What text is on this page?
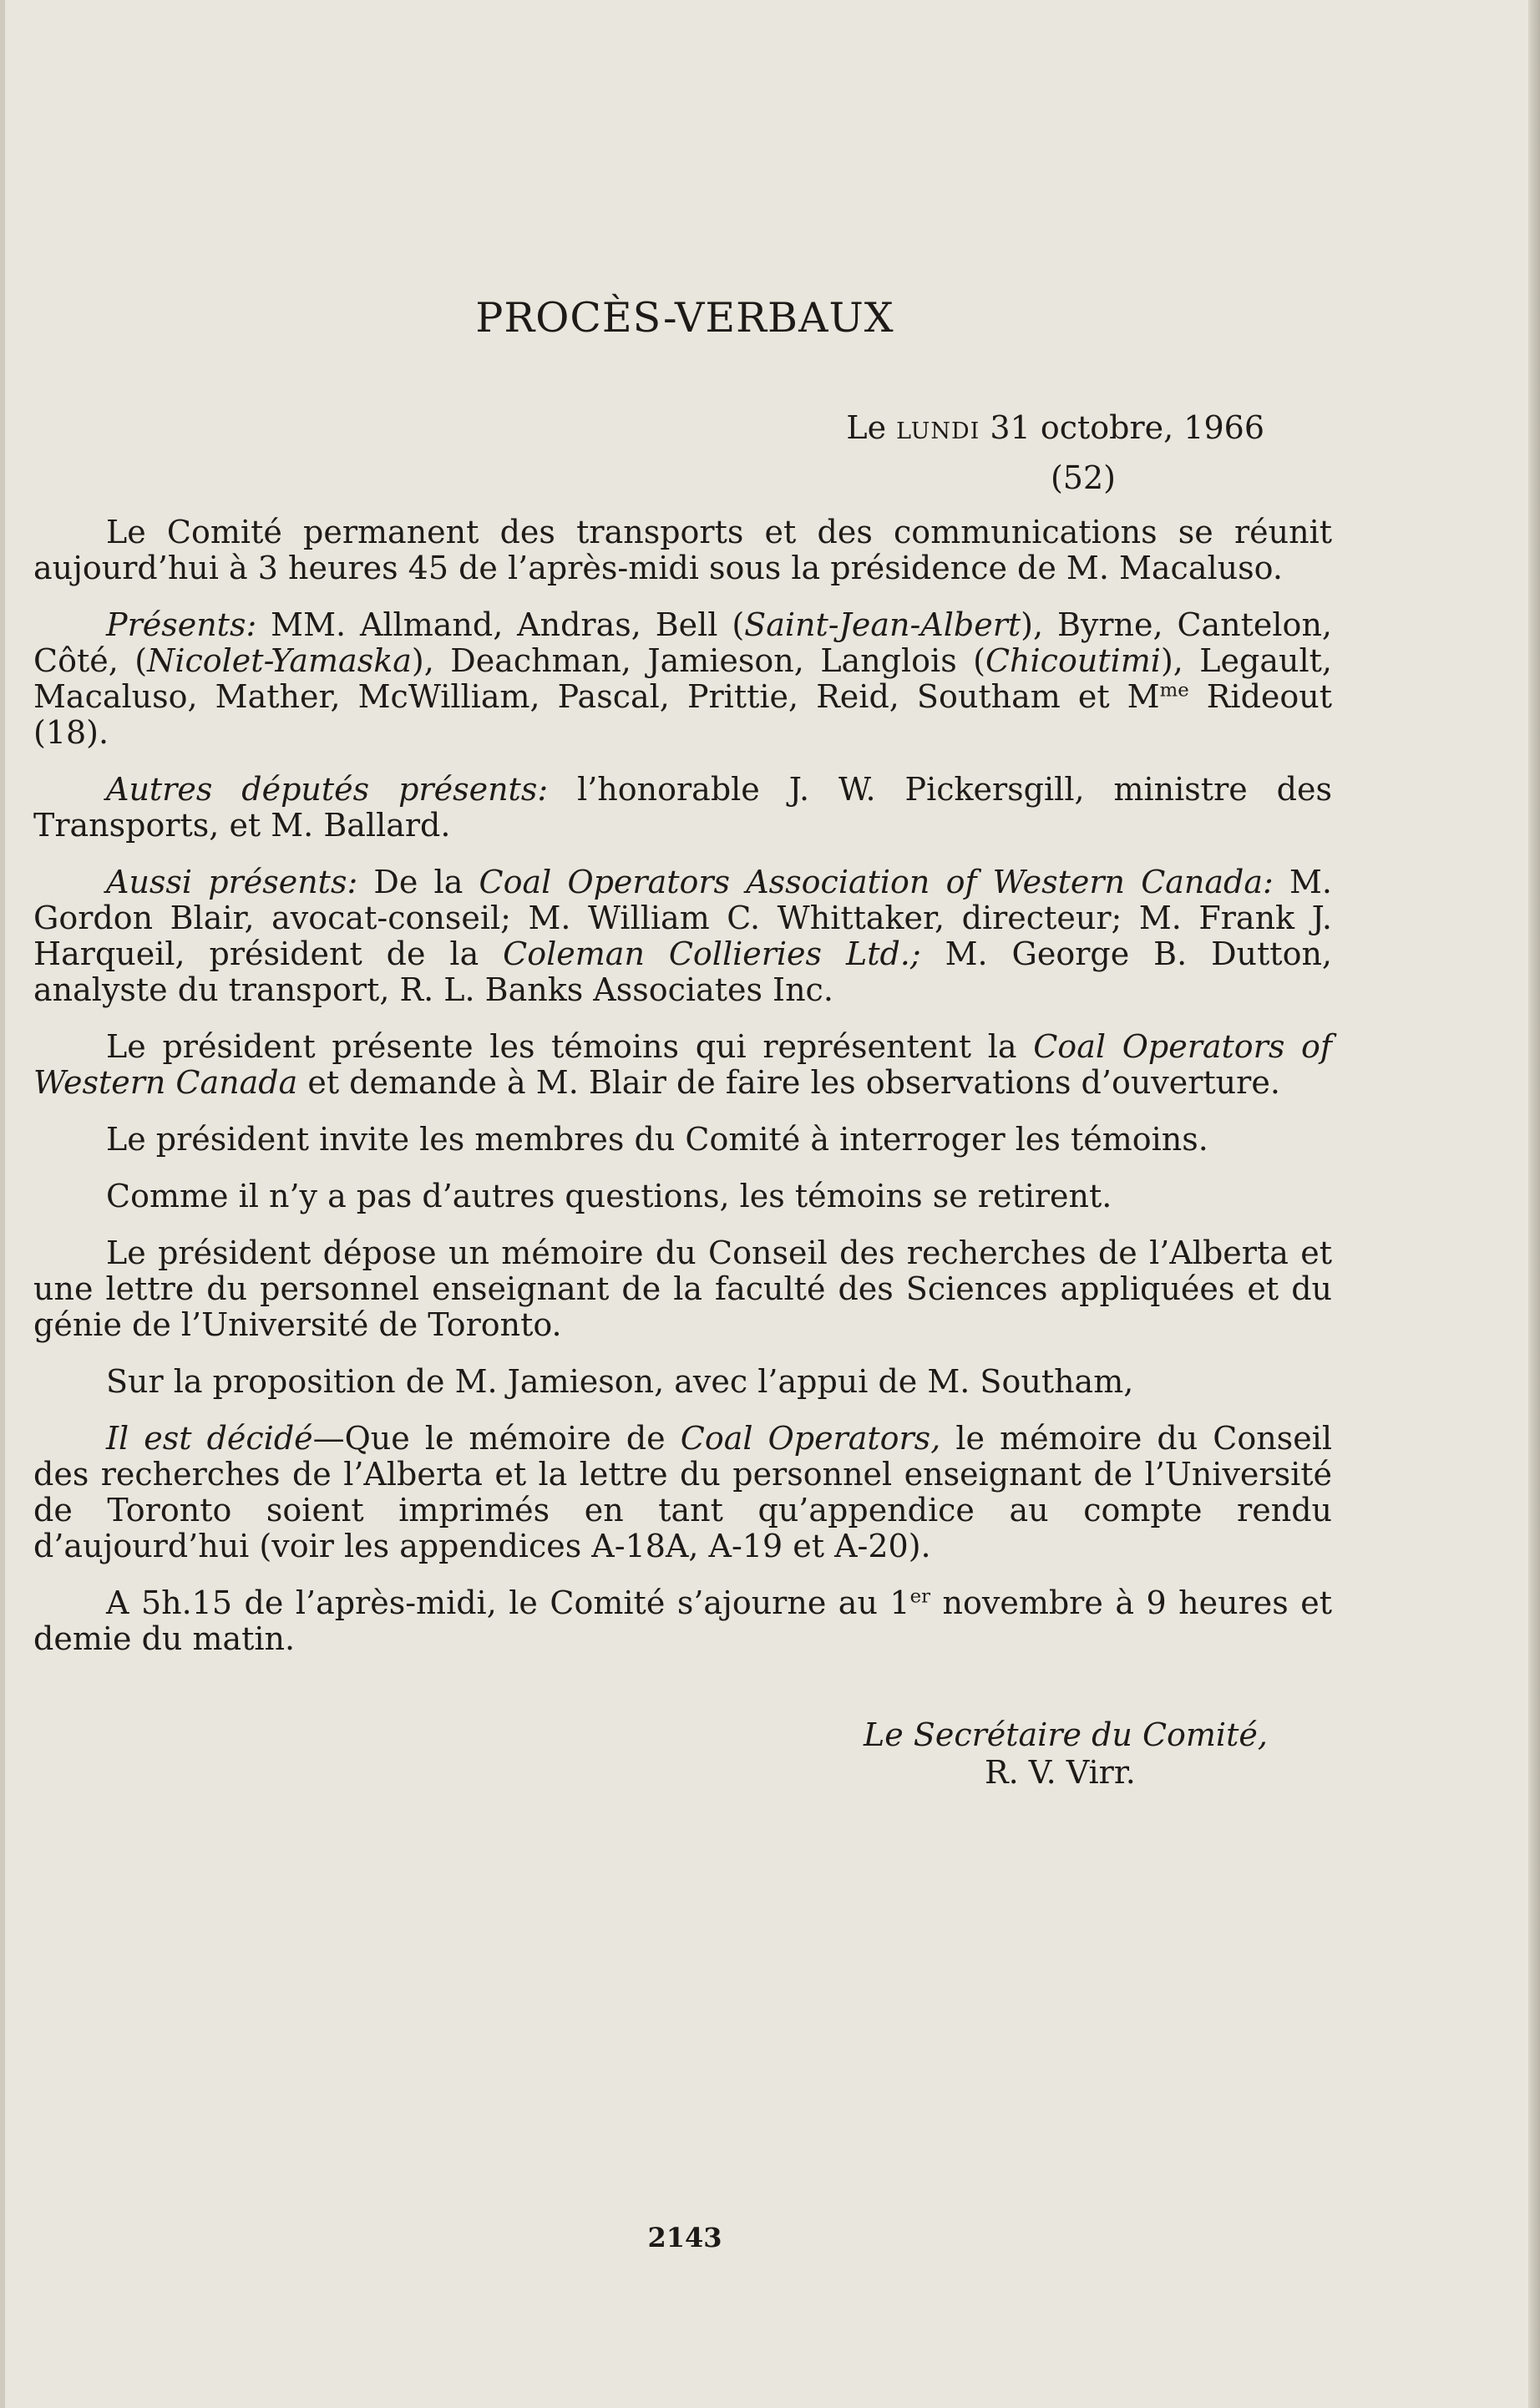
PROCÈS-VERBAUX
Le lundi 31 octobre, 1966
(52)

Le Comité permanent des transports et des communications se réunit aujourd’hui à 3 heures 45 de l’après-midi sous la présidence de M. Macaluso.

Présents: MM. Allmand, Andras, Bell (Saint-Jean-Albert), Byrne, Cantelon, Côté, (Nicolet-Yamaska), Deachman, Jamieson, Langlois (Chicoutimi), Legault, Macaluso, Mather, McWilliam, Pascal, Prittie, Reid, Southam et $M^{me}$ Rideout (18).

Autres députés présents: l’honorable J. W. Pickersgill, ministre des Transports, et M. Ballard.

Aussi présents: De la Coal Operators Association of Western Canada: M. Gordon Blair, avocat-conseil; M. William C. Whittaker, directeur; M. Frank J. Harqueil, président de la Coleman Collieries Ltd.; M. George B. Dutton, analyste du transport, R. L. Banks Associates Inc.

Le président présente les témoins qui représentent la Coal Operators of Western Canada et demande à M. Blair de faire les observations d’ouverture.

Le président invite les membres du Comité à interroger les témoins.

Comme il n’y a pas d’autres questions, les témoins se retirent.

Le président dépose un mémoire du Conseil des recherches de l’Alberta et une lettre du personnel enseignant de la faculté des Sciences appliquées et du génie de l’Université de Toronto.

Sur la proposition de M. Jamieson, avec l’appui de M. Southam,

Il est décidé—Que le mémoire de Coal Operators, le mémoire du Conseil des recherches de l’Alberta et la lettre du personnel enseignant de l’Université de Toronto soient imprimés en tant qu’appendice au compte rendu d’aujourd’hui (voir les appendices A-18A, A-19 et A-20).

A 5h.15 de l’après-midi, le Comité s’ajourne au 1er novembre à 9 heures et demie du matin.

Le Secrétaire du Comité,
R. V. Virr.
2143
